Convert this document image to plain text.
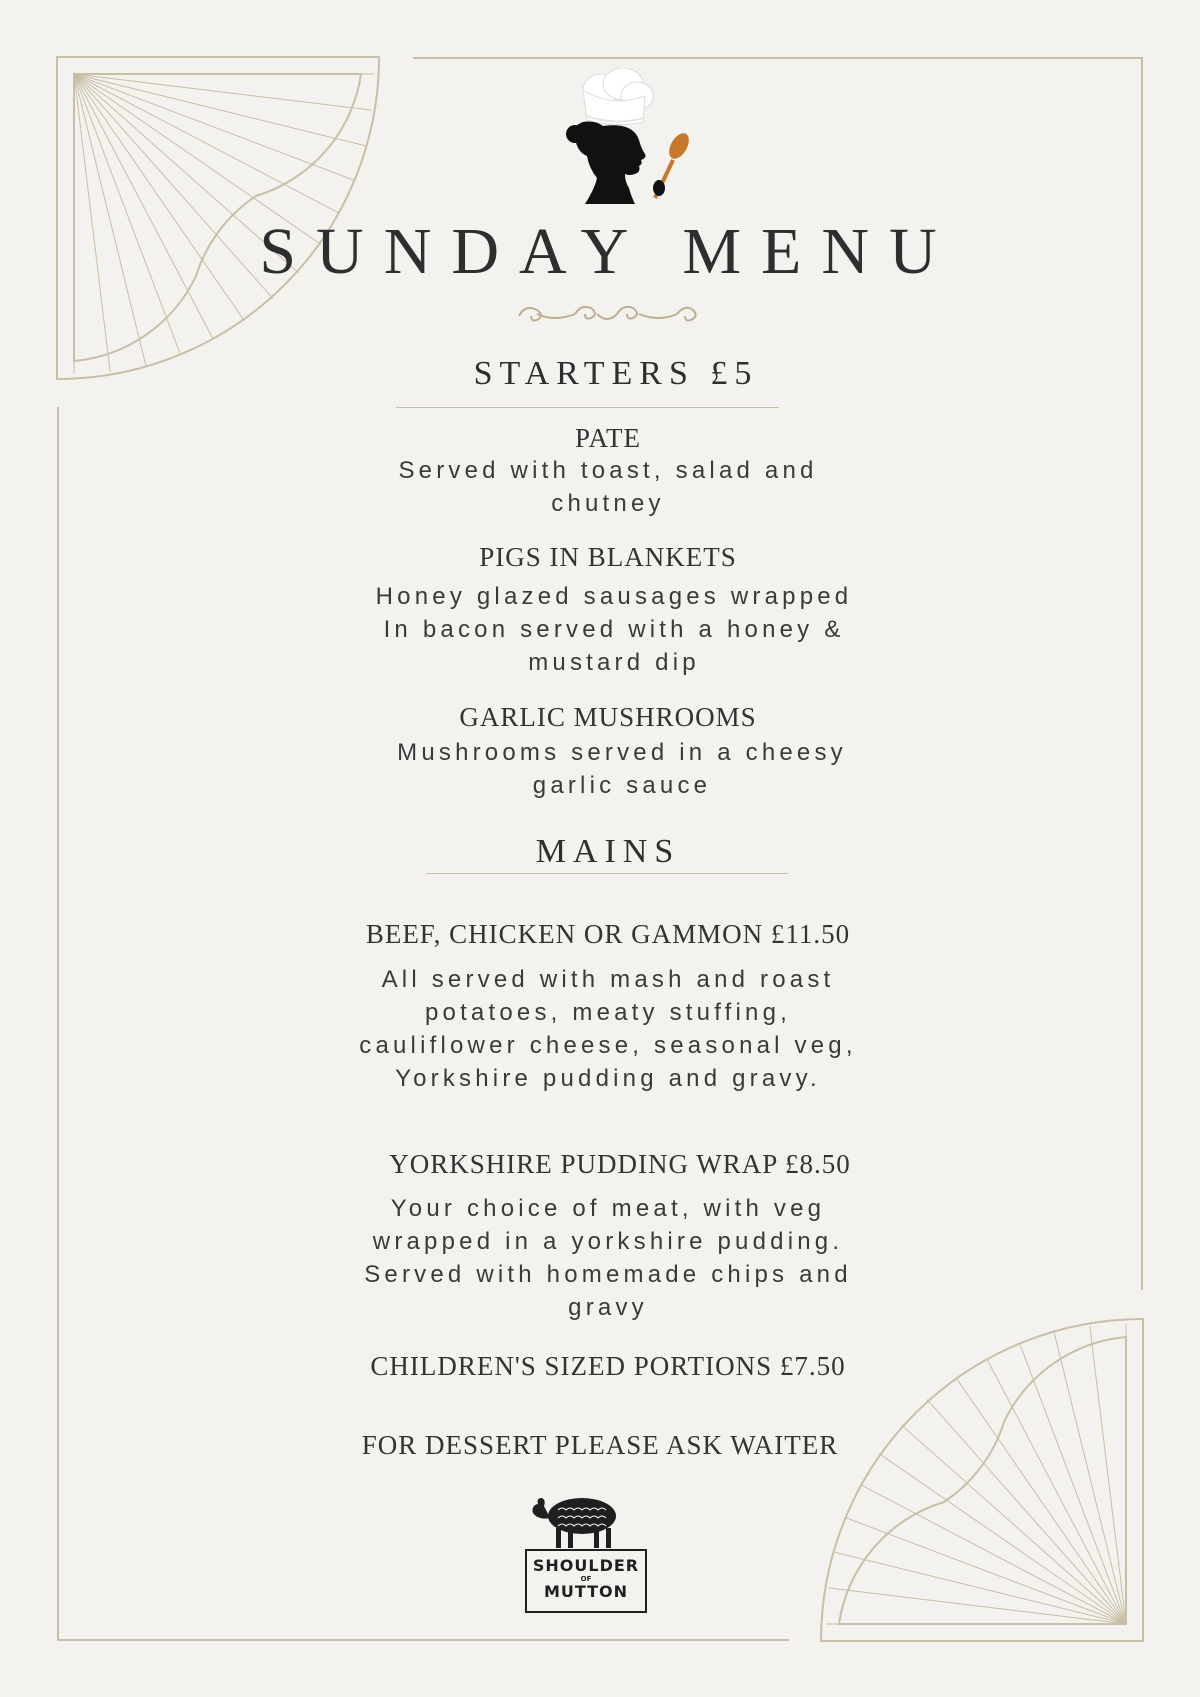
SUNDAY MENU
STARTERS £5
PATE
Served with toast, salad and
chutney
PIGS IN BLANKETS
Honey glazed sausages wrapped
In bacon served with a honey &
mustard dip
GARLIC MUSHROOMS
Mushrooms served in a cheesy
garlic sauce
MAINS
BEEF, CHICKEN OR GAMMON £11.50
All served with mash and roast
potatoes, meaty stuffing,
cauliflower cheese, seasonal veg,
Yorkshire pudding and gravy.
YORKSHIRE PUDDING WRAP £8.50
Your choice of meat, with veg
wrapped in a yorkshire pudding.
Served with homemade chips and
gravy
CHILDREN'S SIZED PORTIONS £7.50
FOR DESSERT PLEASE ASK WAITER
SHOULDER
OF
MUTTON
